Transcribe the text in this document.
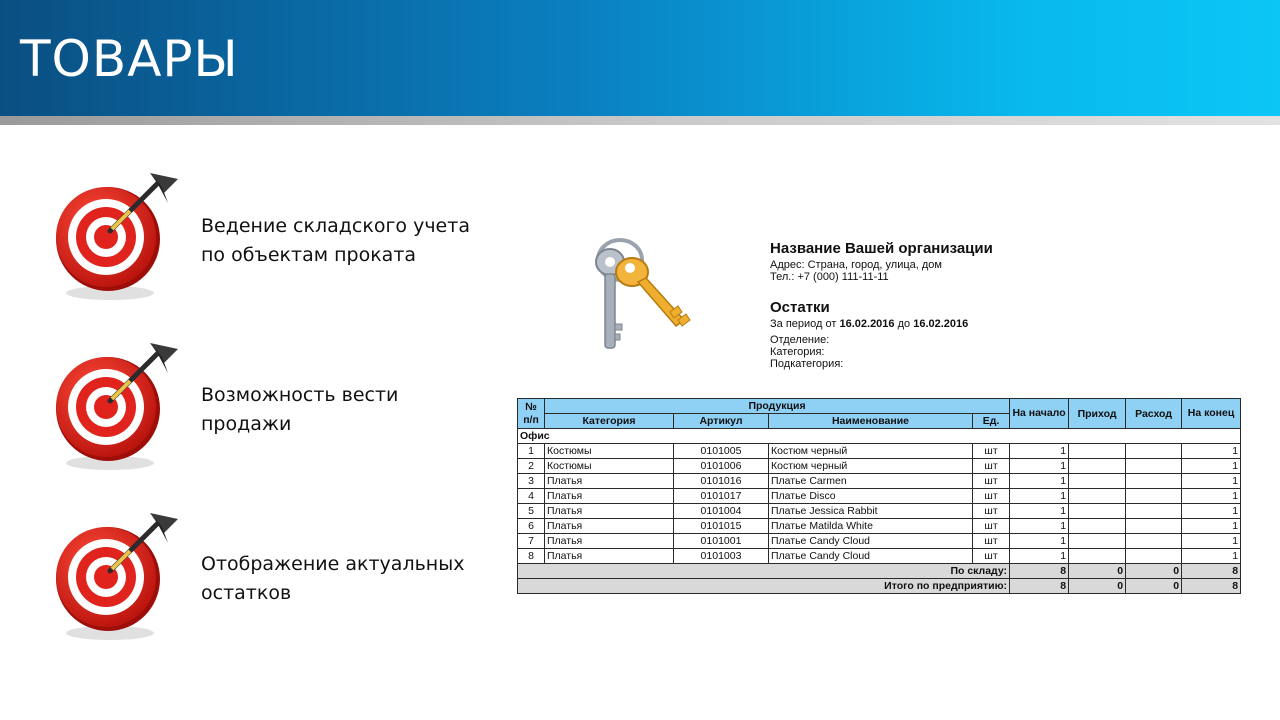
ТОВАРЫ
Ведение складского учета
по объектам проката
Возможность вести
продажи
Отображение актуальных
остатков
Название Вашей организации
Адрес: Страна, город, улица, дом
Тел.: +7 (000) 111-11-11
Остатки
За период от 16.02.2016 до 16.02.2016
Отделение:
Категория:
Подкатегория:
№ п/п	Продукция				На начало	Приход	Расход	На конец
	Категория	Артикул	Наименование	Ед.				
Офис								
1	Костюмы	0101005	Костюм черный	шт	1			1
2	Костюмы	0101006	Костюм черный	шт	1			1
3	Платья	0101016	Платье Carmen	шт	1			1
4	Платья	0101017	Платье Disco	шт	1			1
5	Платья	0101004	Платье Jessica Rabbit	шт	1			1
6	Платья	0101015	Платье Matilda White	шт	1			1
7	Платья	0101001	Платье Candy Cloud	шт	1			1
8	Платья	0101003	Платье Candy Cloud	шт	1			1
По складу:					8	0	0	8
Итого по предприятию:					8	0	0	8
